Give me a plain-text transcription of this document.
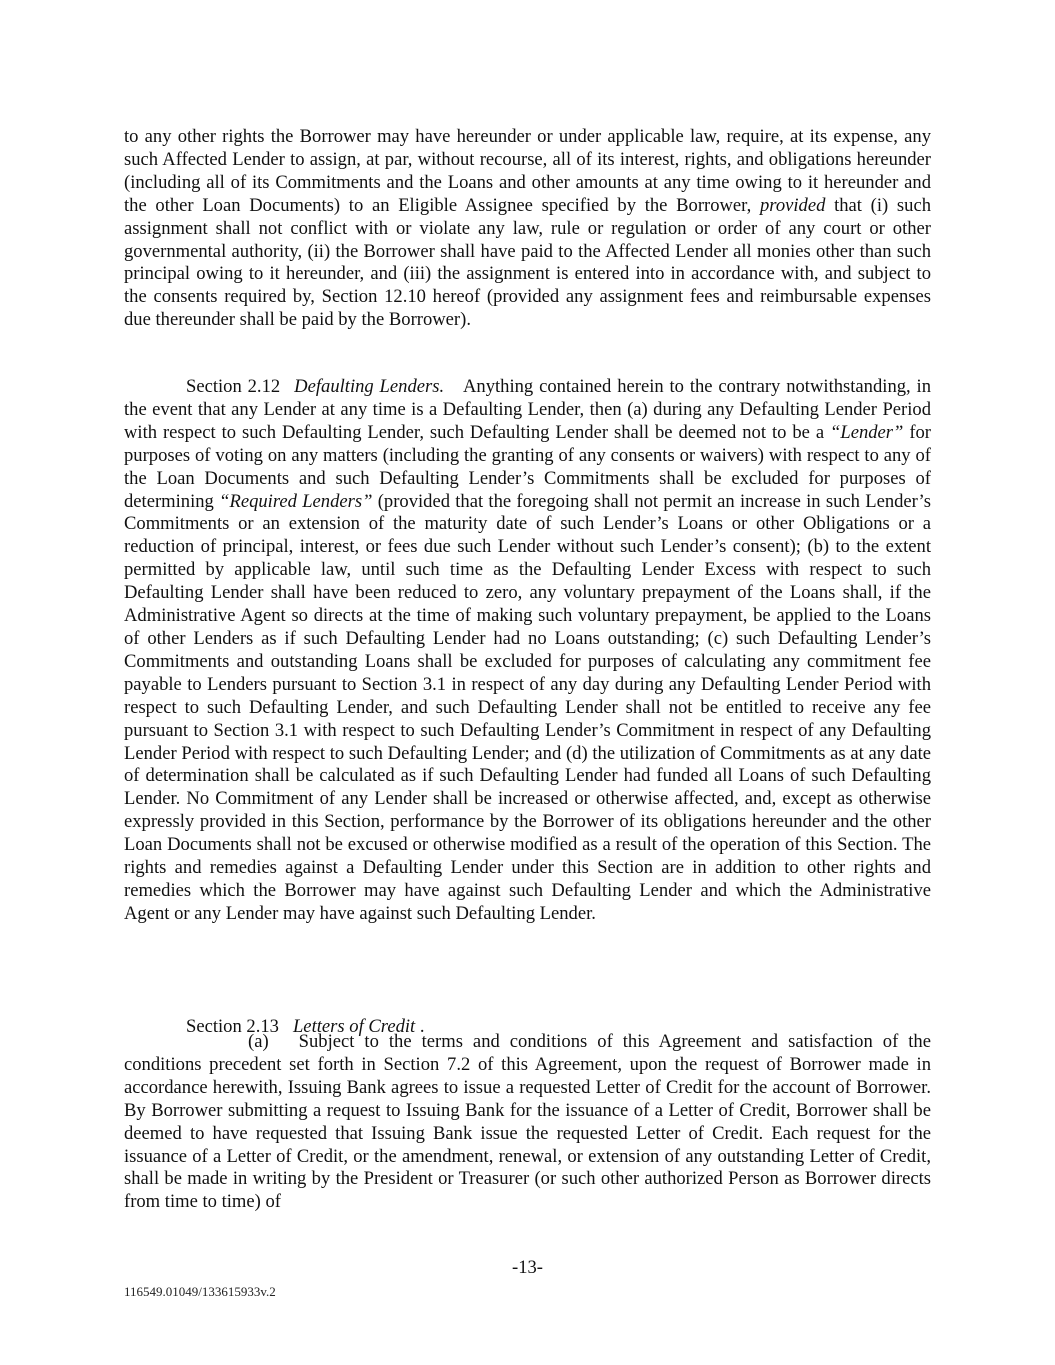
to any other rights the Borrower may have hereunder or under applicable law, require, at its expense, any such Affected Lender to assign, at par, without recourse, all of its interest, rights, and obligations hereunder (including all of its Commitments and the Loans and other amounts at any time owing to it hereunder and the other Loan Documents) to an Eligible Assignee specified by the Borrower, provided that (i) such assignment shall not conflict with or violate any law, rule or regulation or order of any court or other governmental authority, (ii) the Borrower shall have paid to the Affected Lender all monies other than such principal owing to it hereunder, and (iii) the assignment is entered into in accordance with, and subject to the consents required by, Section 12.10 hereof (provided any assignment fees and reimbursable expenses due thereunder shall be paid by the Borrower).

Section 2.12 Defaulting Lenders. Anything contained herein to the contrary notwithstanding, in the event that any Lender at any time is a Defaulting Lender, then (a) during any Defaulting Lender Period with respect to such Defaulting Lender, such Defaulting Lender shall be deemed not to be a “Lender” for purposes of voting on any matters (including the granting of any consents or waivers) with respect to any of the Loan Documents and such Defaulting Lender’s Commitments shall be excluded for purposes of determining “Required Lenders” (provided that the foregoing shall not permit an increase in such Lender’s Commitments or an extension of the maturity date of such Lender’s Loans or other Obligations or a reduction of principal, interest, or fees due such Lender without such Lender’s consent); (b) to the extent permitted by applicable law, until such time as the Defaulting Lender Excess with respect to such Defaulting Lender shall have been reduced to zero, any voluntary prepayment of the Loans shall, if the Administrative Agent so directs at the time of making such voluntary prepayment, be applied to the Loans of other Lenders as if such Defaulting Lender had no Loans outstanding; (c) such Defaulting Lender’s Commitments and outstanding Loans shall be excluded for purposes of calculating any commitment fee payable to Lenders pursuant to Section 3.1 in respect of any day during any Defaulting Lender Period with respect to such Defaulting Lender, and such Defaulting Lender shall not be entitled to receive any fee pursuant to Section 3.1 with respect to such Defaulting Lender’s Commitment in respect of any Defaulting Lender Period with respect to such Defaulting Lender; and (d) the utilization of Commitments as at any date of determination shall be calculated as if such Defaulting Lender had funded all Loans of such Defaulting Lender. No Commitment of any Lender shall be increased or otherwise affected, and, except as otherwise expressly provided in this Section, performance by the Borrower of its obligations hereunder and the other Loan Documents shall not be excused or otherwise modified as a result of the operation of this Section. The rights and remedies against a Defaulting Lender under this Section are in addition to other rights and remedies which the Borrower may have against such Defaulting Lender and which the Administrative Agent or any Lender may have against such Defaulting Lender.

Section 2.13 Letters of Credit .

(a) Subject to the terms and conditions of this Agreement and satisfaction of the conditions precedent set forth in Section 7.2 of this Agreement, upon the request of Borrower made in accordance herewith, Issuing Bank agrees to issue a requested Letter of Credit for the account of Borrower. By Borrower submitting a request to Issuing Bank for the issuance of a Letter of Credit, Borrower shall be deemed to have requested that Issuing Bank issue the requested Letter of Credit. Each request for the issuance of a Letter of Credit, or the amendment, renewal, or extension of any outstanding Letter of Credit, shall be made in writing by the President or Treasurer (or such other authorized Person as Borrower directs from time to time) of

-13-
116549.01049/133615933v.2
